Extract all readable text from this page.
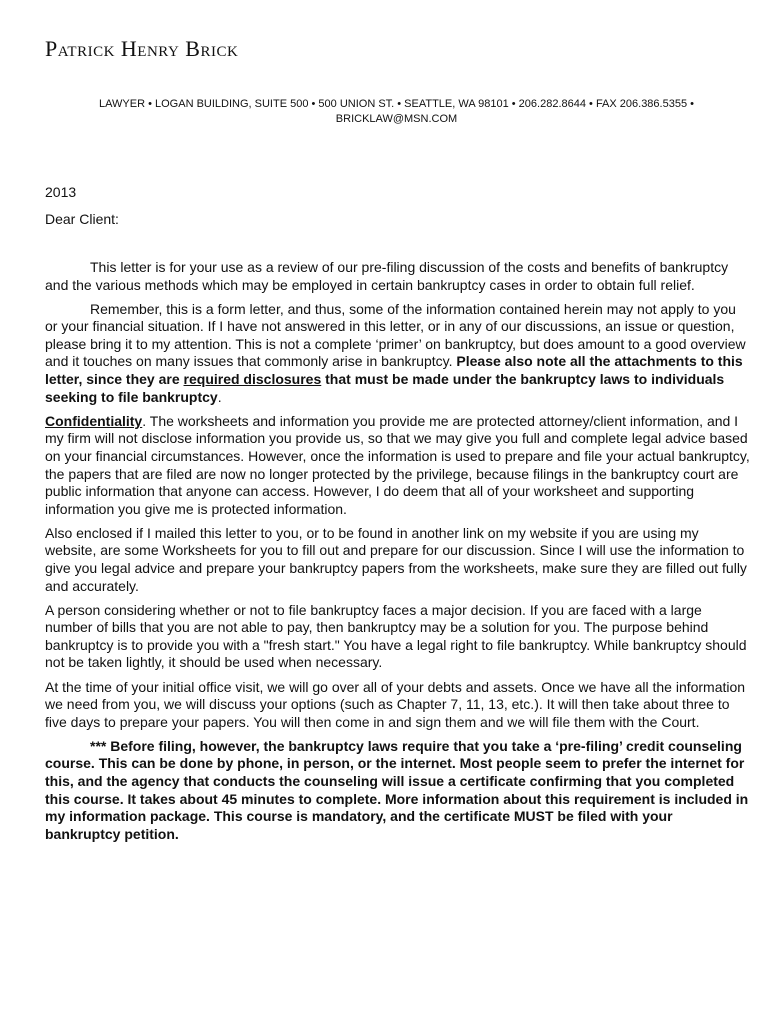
Patrick Henry Brick
LAWYER • LOGAN BUILDING, SUITE 500 • 500 UNION ST. • SEATTLE, WA 98101 • 206.282.8644 • FAX 206.386.5355 •
BRICKLAW@MSN.COM
2013
Dear Client:

This letter is for your use as a review of our pre-filing discussion of the costs and benefits of bankruptcy and the various methods which may be employed in certain bankruptcy cases in order to obtain full relief.

Remember, this is a form letter, and thus, some of the information contained herein may not apply to you or your financial situation. If I have not answered in this letter, or in any of our discussions, an issue or question, please bring it to my attention. This is not a complete ‘primer’ on bankruptcy, but does amount to a good overview and it touches on many issues that commonly arise in bankruptcy. Please also note all the attachments to this letter, since they are required disclosures that must be made under the bankruptcy laws to individuals seeking to file bankruptcy.

Confidentiality. The worksheets and information you provide me are protected attorney/client information, and I my firm will not disclose information you provide us, so that we may give you full and complete legal advice based on your financial circumstances. However, once the information is used to prepare and file your actual bankruptcy, the papers that are filed are now no longer protected by the privilege, because filings in the bankruptcy court are public information that anyone can access. However, I do deem that all of your worksheet and supporting information you give me is protected information.

Also enclosed if I mailed this letter to you, or to be found in another link on my website if you are using my website, are some Worksheets for you to fill out and prepare for our discussion. Since I will use the information to give you legal advice and prepare your bankruptcy papers from the worksheets, make sure they are filled out fully and accurately.

A person considering whether or not to file bankruptcy faces a major decision. If you are faced with a large number of bills that you are not able to pay, then bankruptcy may be a solution for you. The purpose behind bankruptcy is to provide you with a "fresh start." You have a legal right to file bankruptcy. While bankruptcy should not be taken lightly, it should be used when necessary.

At the time of your initial office visit, we will go over all of your debts and assets. Once we have all the information we need from you, we will discuss your options (such as Chapter 7, 11, 13, etc.). It will then take about three to five days to prepare your papers. You will then come in and sign them and we will file them with the Court.

*** Before filing, however, the bankruptcy laws require that you take a ‘pre-filing’ credit counseling course. This can be done by phone, in person, or the internet. Most people seem to prefer the internet for this, and the agency that conducts the counseling will issue a certificate confirming that you completed this course. It takes about 45 minutes to complete. More information about this requirement is included in my information package. This course is mandatory, and the certificate MUST be filed with your bankruptcy petition.
